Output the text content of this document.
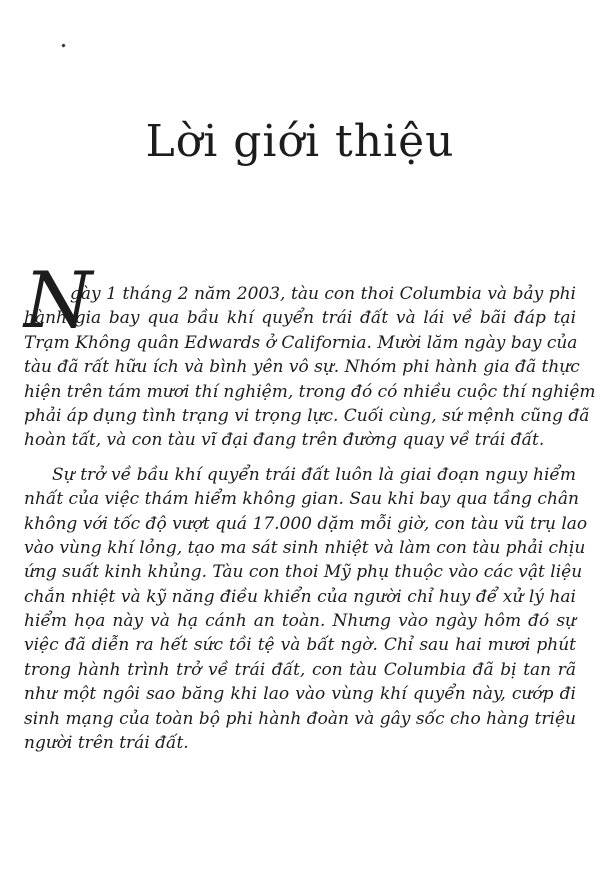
Lời giới thiệu
N
gày 1 tháng 2 năm 2003, tàu con thoi Columbia và bảy phi
hành gia bay qua bầu khí quyển trái đất và lái về bãi đáp tại
Trạm Không quân Edwards ở California. Mười lăm ngày bay của
tàu đã rất hữu ích và bình yên vô sự. Nhóm phi hành gia đã thực
hiện trên tám mươi thí nghiệm, trong đó có nhiều cuộc thí nghiệm
phải áp dụng tình trạng vi trọng lực. Cuối cùng, sứ mệnh cũng đã
hoàn tất, và con tàu vĩ đại đang trên đường quay về trái đất.
Sự trở về bầu khí quyển trái đất luôn là giai đoạn nguy hiểm
nhất của việc thám hiểm không gian. Sau khi bay qua tầng chân
không với tốc độ vượt quá 17.000 dặm mỗi giờ, con tàu vũ trụ lao
vào vùng khí lỏng, tạo ma sát sinh nhiệt và làm con tàu phải chịu
ứng suất kinh khủng. Tàu con thoi Mỹ phụ thuộc vào các vật liệu
chắn nhiệt và kỹ năng điều khiển của người chỉ huy để xử lý hai
hiểm họa này và hạ cánh an toàn. Nhưng vào ngày hôm đó sự
việc đã diễn ra hết sức tồi tệ và bất ngờ. Chỉ sau hai mươi phút
trong hành trình trở về trái đất, con tàu Columbia đã bị tan rã
như một ngôi sao băng khi lao vào vùng khí quyển này, cướp đi
sinh mạng của toàn bộ phi hành đoàn và gây sốc cho hàng triệu
người trên trái đất.
